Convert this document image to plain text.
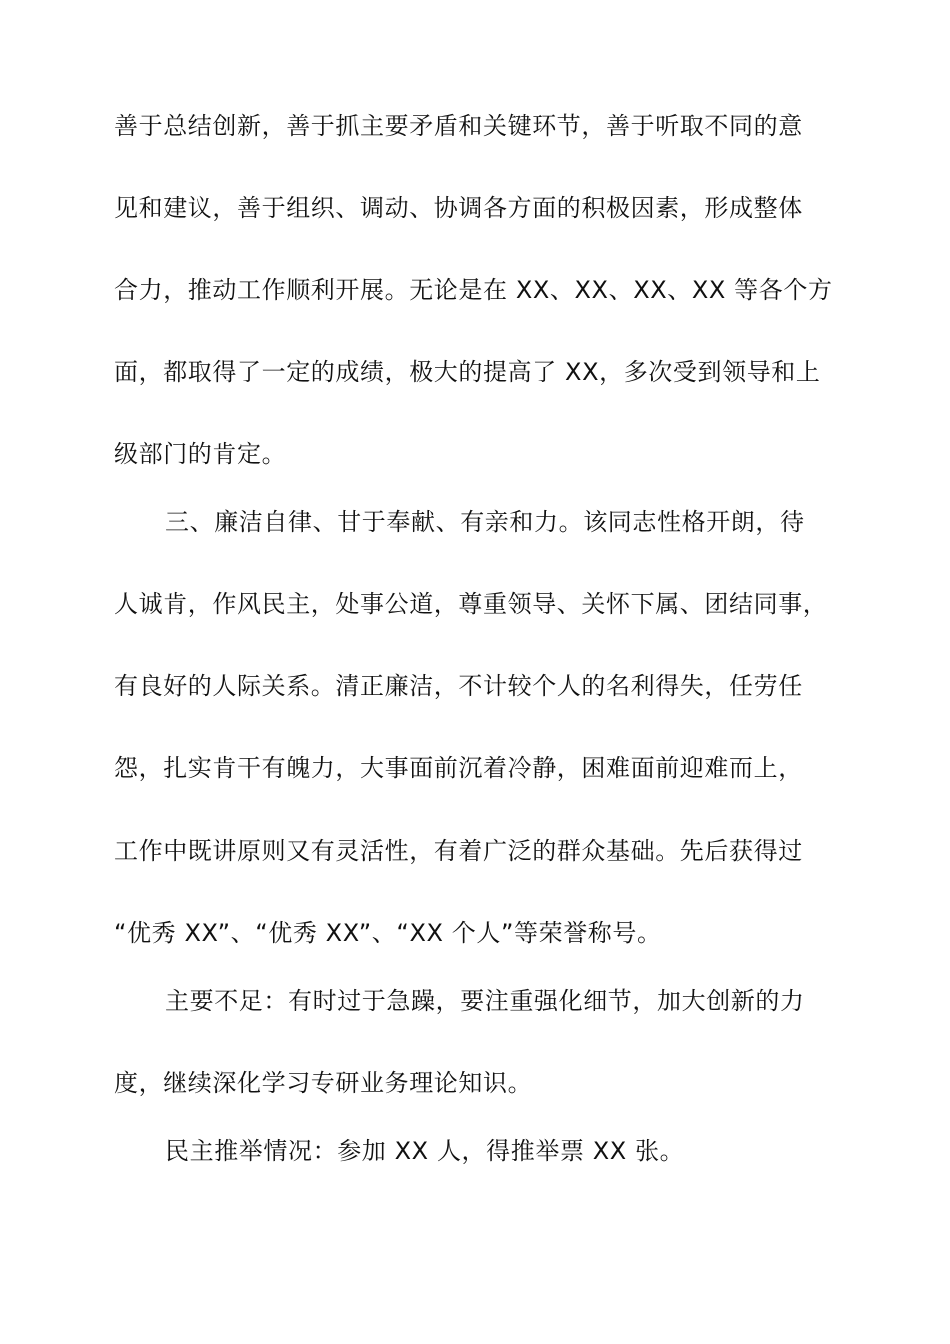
善于总结创新，善于抓主要矛盾和关键环节，善于听取不同的意
见和建议，善于组织、调动、协调各方面的积极因素，形成整体
合力，推动工作顺利开展。无论是在 XX、XX、XX、XX 等各个方
面，都取得了一定的成绩，极大的提高了 XX，多次受到领导和上
级部门的肯定。
三、廉洁自律、甘于奉献、有亲和力。该同志性格开朗，待
人诚肯，作风民主，处事公道，尊重领导、关怀下属、团结同事，
有良好的人际关系。清正廉洁，不计较个人的名利得失，任劳任
怨，扎实肯干有魄力，大事面前沉着冷静，困难面前迎难而上，
工作中既讲原则又有灵活性，有着广泛的群众基础。先后获得过
“优秀 XX”、“优秀 XX”、“XX 个人”等荣誉称号。
主要不足：有时过于急躁，要注重强化细节，加大创新的力
度，继续深化学习专研业务理论知识。
民主推举情况：参加 XX 人，得推举票 XX 张。
